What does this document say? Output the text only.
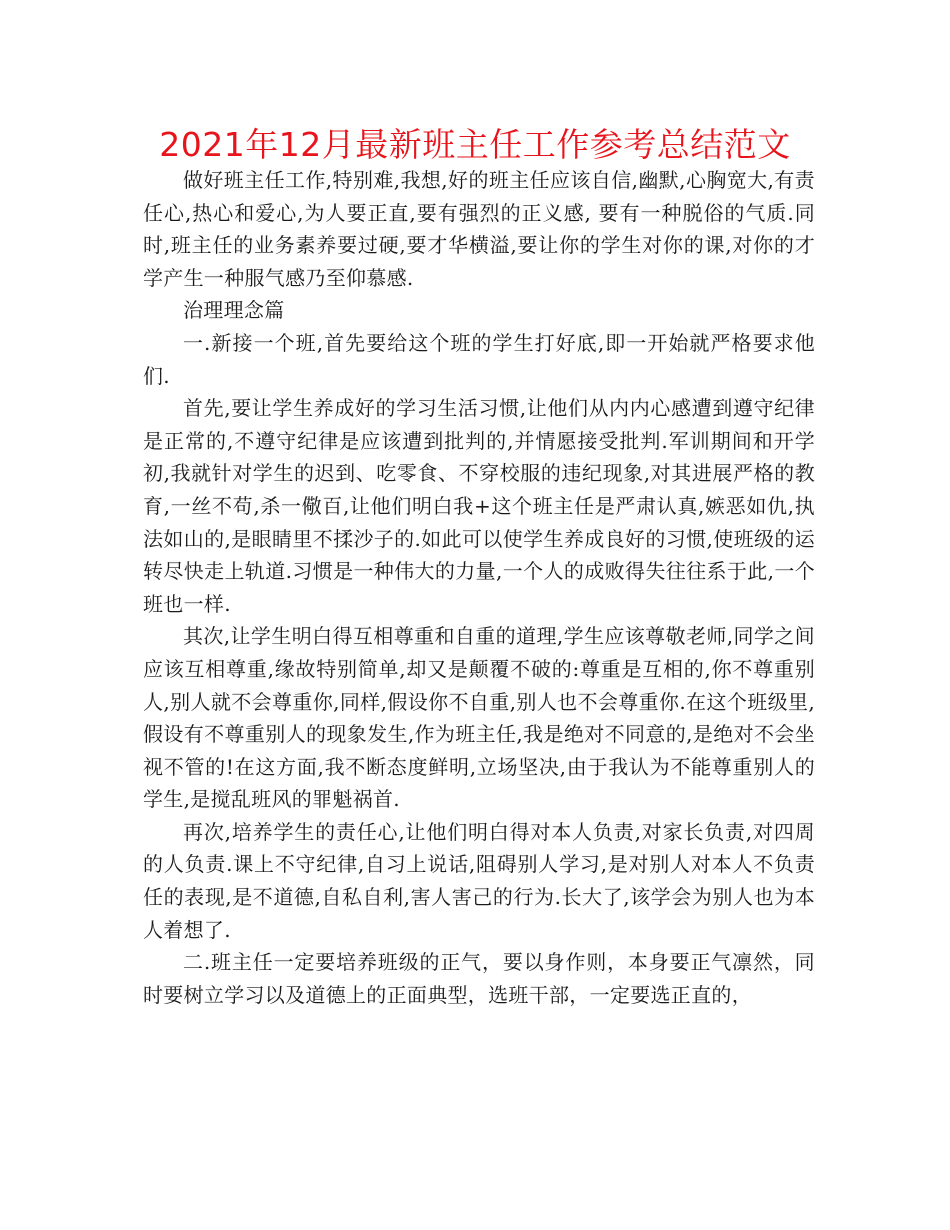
2021年12月最新班主任工作参考总结范文

做好班主任工作,特别难,我想,好的班主任应该自信,幽默,心胸宽大,有责任心,热心和爱心,为人要正直,要有强烈的正义感, 要有一种脱俗的气质.同时,班主任的业务素养要过硬,要才华横溢,要让你的学生对你的课,对你的才学产生一种服气感乃至仰慕感.

治理理念篇

一.新接一个班,首先要给这个班的学生打好底,即一开始就严格要求他们.

首先,要让学生养成好的学习生活习惯,让他们从内内心感遭到遵守纪律是正常的,不遵守纪律是应该遭到批判的,并情愿接受批判.军训期间和开学初,我就针对学生的迟到、吃零食、不穿校服的违纪现象,对其进展严格的教育,一丝不苟,杀一儆百,让他们明白我+这个班主任是严肃认真,嫉恶如仇,执法如山的,是眼睛里不揉沙子的.如此可以使学生养成良好的习惯,使班级的运转尽快走上轨道.习惯是一种伟大的力量,一个人的成败得失往往系于此,一个班也一样.

其次,让学生明白得互相尊重和自重的道理,学生应该尊敬老师,同学之间应该互相尊重,缘故特别简单,却又是颠覆不破的:尊重是互相的,你不尊重别人,别人就不会尊重你,同样,假设你不自重,别人也不会尊重你.在这个班级里,假设有不尊重别人的现象发生,作为班主任,我是绝对不同意的,是绝对不会坐视不管的!在这方面,我不断态度鲜明,立场坚决,由于我认为不能尊重别人的学生,是搅乱班风的罪魁祸首.

再次,培养学生的责任心,让他们明白得对本人负责,对家长负责,对四周的人负责.课上不守纪律,自习上说话,阻碍别人学习,是对别人对本人不负责任的表现,是不道德,自私自利,害人害己的行为.长大了,该学会为别人也为本人着想了.

二.班主任一定要培养班级的正气，要以身作则，本身要正气凛然，同时要树立学习以及道德上的正面典型，选班干部，一定要选正直的，
